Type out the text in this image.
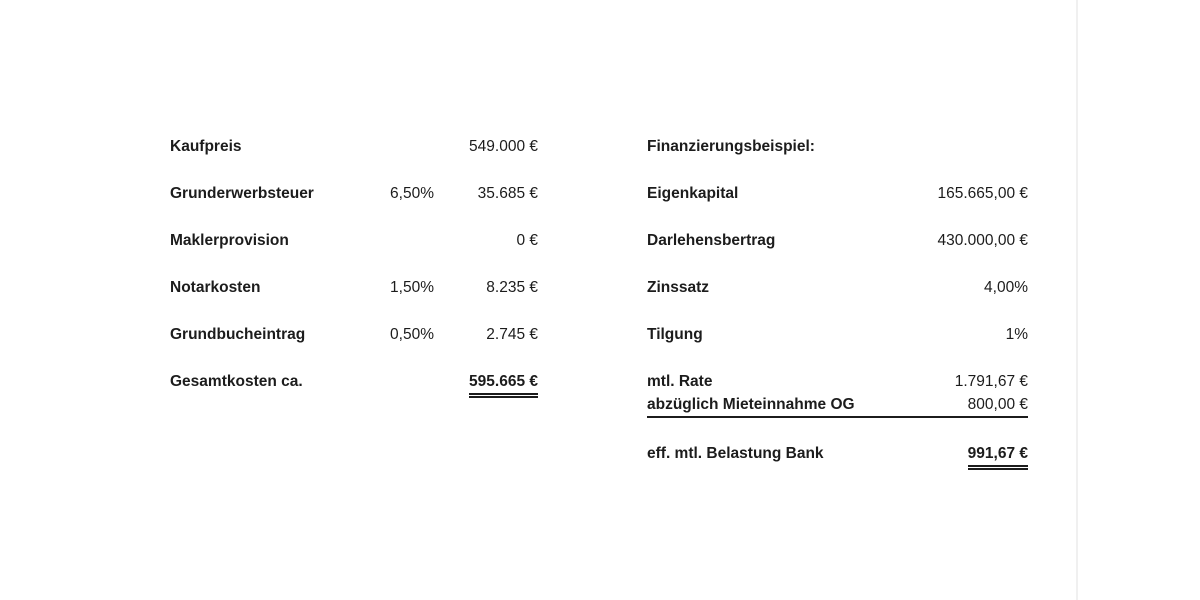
Kaufpreis	549.000 €
Grunderwerbsteuer	6,50%	35.685 €
Maklerprovision	0 €
Notarkosten	1,50%	8.235 €
Grundbucheintrag	0,50%	2.745 €
Gesamtkosten ca.	595.665 €
Finanzierungsbeispiel:
Eigenkapital	165.665,00 €
Darlehensbertrag	430.000,00 €
Zinssatz	4,00%
Tilgung	1%
mtl. Rate	1.791,67 €
abzüglich Mieteinnahme OG	800,00 €
eff. mtl. Belastung Bank	991,67 €
